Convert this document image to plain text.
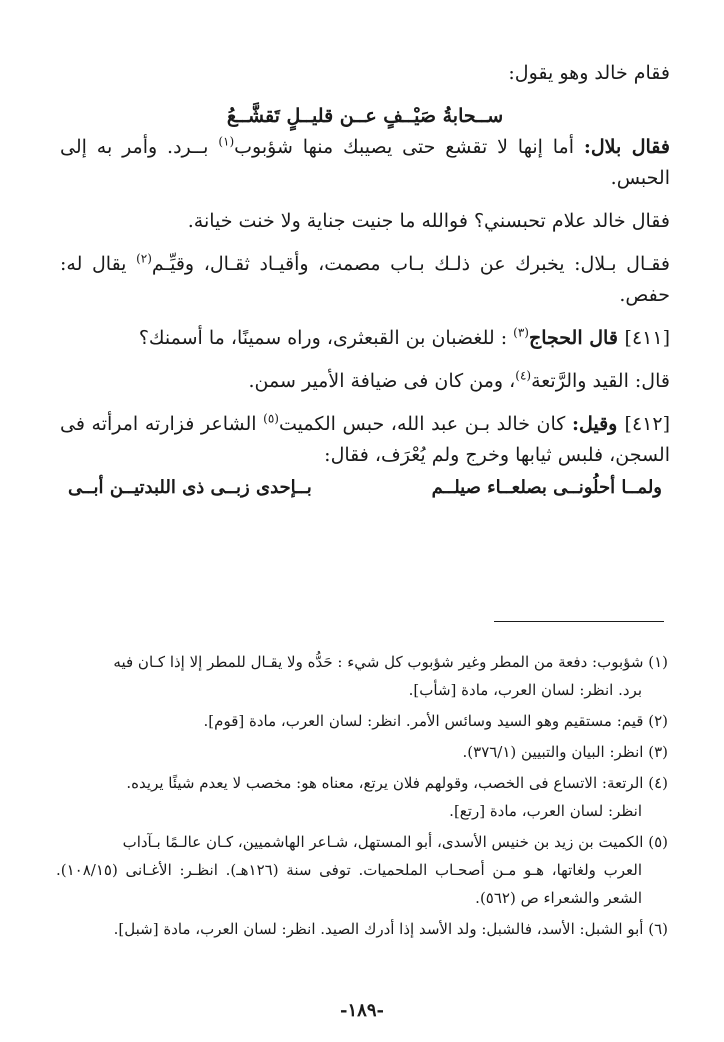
فقام خالد وهو يقول:

ســحابةُ صَيْــفٍ عــن قليــلٍ تَقشَّــعُ

فقال بلال: أما إنها لا تقشع حتى يصيبك منها شؤبوب$^{(١)}$ بــرد. وأمر به إلى الحبس.

فقال خالد علام تحبسني؟ فوالله ما جنيت جناية ولا خنت خيانة.

فقـال بـلال: يخبرك عن ذلـك بـاب مصمت، وأقيـاد ثقـال، وقيِّـم$^{(٢)}$ يقال له: حفص.

[٤١١] قال الحجاج$^{(٣)}$ : للغضبان بن القبعثرى، وراه سمينًا، ما أسمنك؟

قال: القيد والرَّتعة$^{(٤)}$، ومن كان فى ضيافة الأمير سمن.

[٤١٢] وقيل: كان خالد بـن عبد الله، حبس الكميت$^{(٥)}$ الشاعر فزارته امرأته فى السجن، فلبس ثيابها وخرج ولم يُعْرَف، فقال:

ولمــا أحلُونــى بصلعــاء صيلــم
بــإحدى زبــى ذى اللبدتيــن أبــى

(١) شؤبوب: دفعة من المطر وغير شؤبوب كل شيء : حَدُّه ولا يقـال للمطر إلا إذا كـان فيه
برد. انظر: لسان العرب، مادة [شأب].

(٢) قيم: مستقيم وهو السيد وسائس الأمر. انظر: لسان العرب، مادة [قوم].

(٣) انظر: البيان والتبيين (٣٧٦/١).

(٤) الرتعة: الاتساع فى الخصب، وقولهم فلان يرتع، معناه هو: مخصب لا يعدم شيئًا يريده.
انظر: لسان العرب، مادة [رتع].

(٥) الكميت بن زيد بن خنيس الأسدى، أبو المستهل، شـاعر الهاشميين، كـان عالـمًا بـآداب
العرب ولغاتها، هـو مـن أصحـاب الملحميات. توفى سنة (١٢٦هـ). انظـر: الأغـانى (١٠٨/١٥). الشعر والشعراء ص (٥٦٢).

(٦) أبو الشبل: الأسد، فالشبل: ولد الأسد إذا أدرك الصيد. انظر: لسان العرب، مادة [شبل].

-١٨٩-
